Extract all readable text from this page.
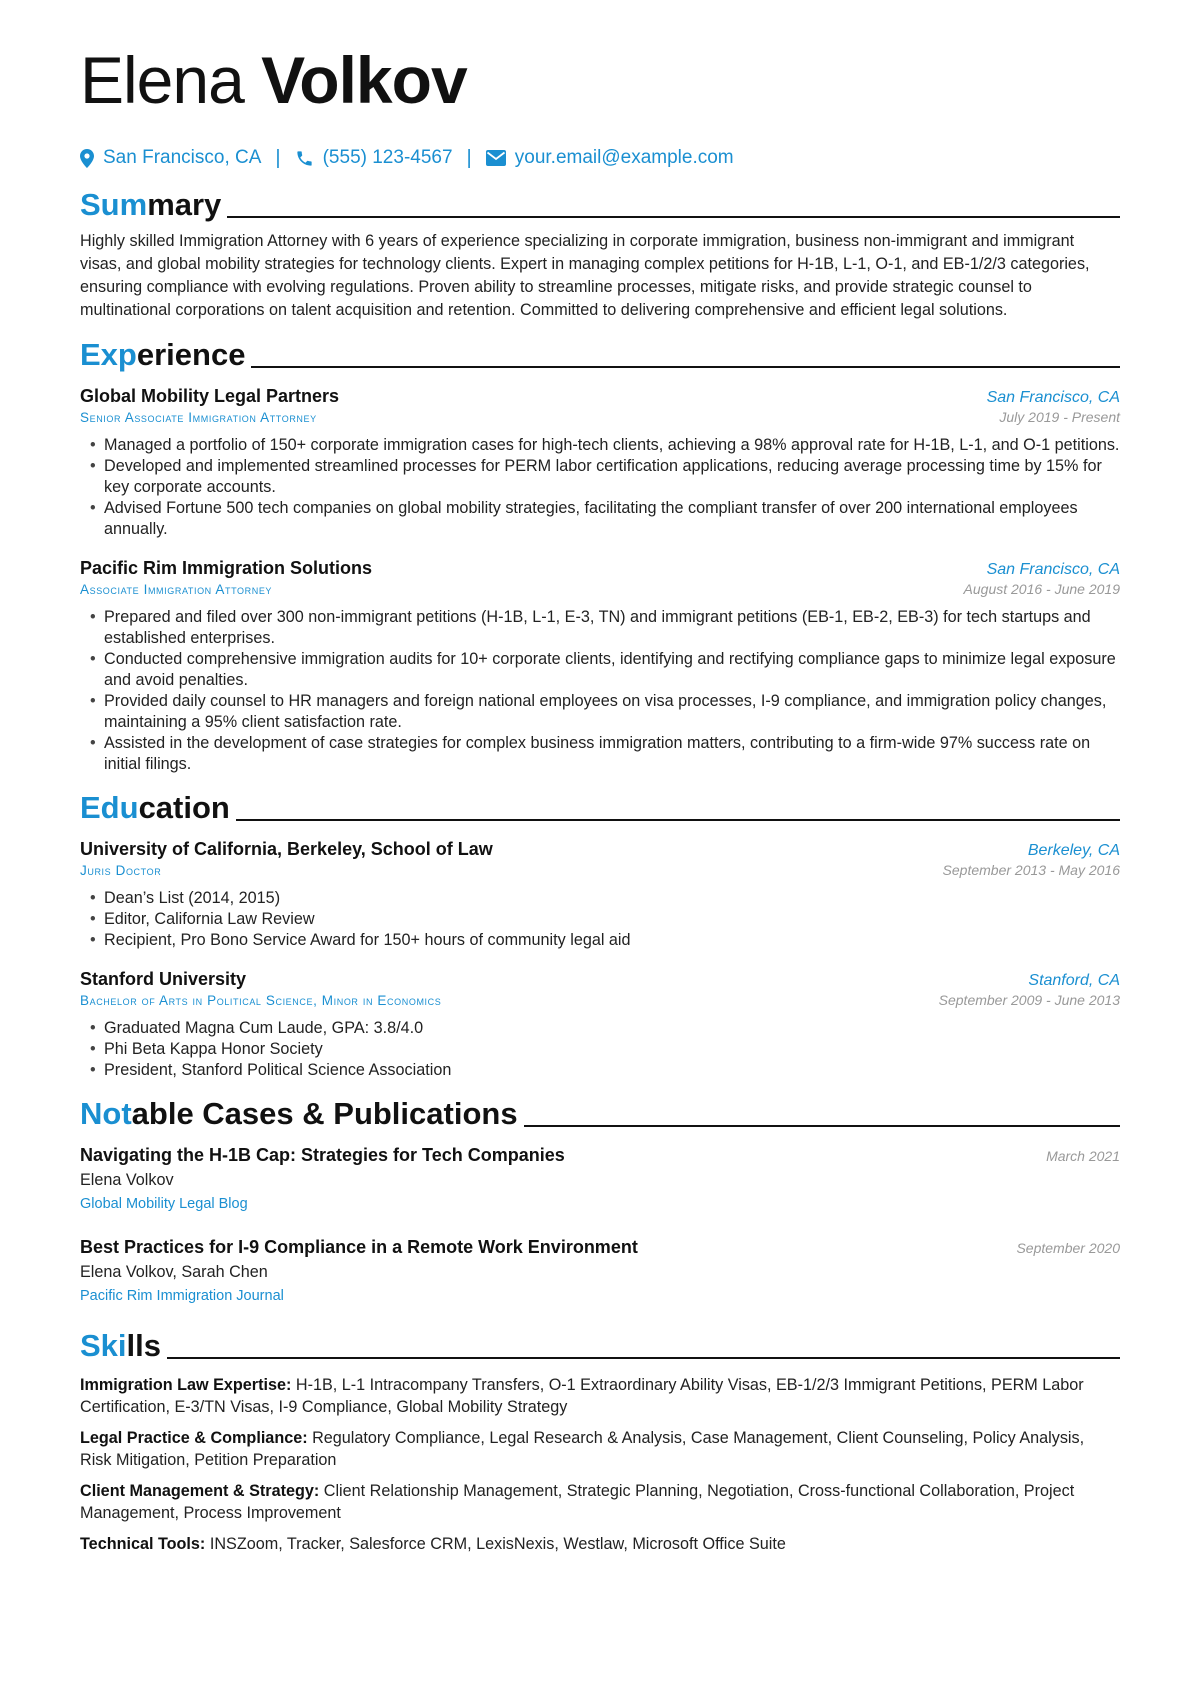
Elena Volkov
San Francisco, CA | (555) 123-4567 | your.email@example.com
Sum mary

Highly skilled Immigration Attorney with 6 years of experience specializing in corporate immigration, business non-immigrant and immigrant visas, and global mobility strategies for technology clients. Expert in managing complex petitions for H-1B, L-1, O-1, and EB-1/2/3 categories, ensuring compliance with evolving regulations. Proven ability to streamline processes, mitigate risks, and provide strategic counsel to multinational corporations on talent acquisition and retention. Committed to delivering comprehensive and efficient legal solutions.

Exp erience
Global Mobility Legal Partners	San Francisco, CA
Senior Associate Immigration Attorney	July 2019 - Present
• Managed a portfolio of 150+ corporate immigration cases for high-tech clients, achieving a 98% approval rate for H-1B, L-1, and O-1 petitions.
• Developed and implemented streamlined processes for PERM labor certification applications, reducing average processing time by 15% for key corporate accounts.
• Advised Fortune 500 tech companies on global mobility strategies, facilitating the compliant transfer of over 200 international employees annually.
Pacific Rim Immigration Solutions	San Francisco, CA
Associate Immigration Attorney	August 2016 - June 2019
• Prepared and filed over 300 non-immigrant petitions (H-1B, L-1, E-3, TN) and immigrant petitions (EB-1, EB-2, EB-3) for tech startups and established enterprises.
• Conducted comprehensive immigration audits for 10+ corporate clients, identifying and rectifying compliance gaps to minimize legal exposure and avoid penalties.
• Provided daily counsel to HR managers and foreign national employees on visa processes, I-9 compliance, and immigration policy changes, maintaining a 95% client satisfaction rate.
• Assisted in the development of case strategies for complex business immigration matters, contributing to a firm-wide 97% success rate on initial filings.
Edu cation
University of California, Berkeley, School of Law	Berkeley, CA
Juris Doctor	September 2013 - May 2016
• Dean’s List (2014, 2015)
• Editor, California Law Review
• Recipient, Pro Bono Service Award for 150+ hours of community legal aid
Stanford University	Stanford, CA
Bachelor of Arts in Political Science, Minor in Economics	September 2009 - June 2013
• Graduated Magna Cum Laude, GPA: 3.8/4.0
• Phi Beta Kappa Honor Society
• President, Stanford Political Science Association
Not able Cases & Publications
Navigating the H-1B Cap: Strategies for Tech Companies	March 2021
Elena Volkov
Global Mobility Legal Blog
Best Practices for I-9 Compliance in a Remote Work Environment	September 2020
Elena Volkov, Sarah Chen
Pacific Rim Immigration Journal
Ski lls

Immigration Law Expertise: H-1B, L-1 Intracompany Transfers, O-1 Extraordinary Ability Visas, EB-1/2/3 Immigrant Petitions, PERM Labor Certification, E-3/TN Visas, I-9 Compliance, Global Mobility Strategy

Legal Practice & Compliance: Regulatory Compliance, Legal Research & Analysis, Case Management, Client Counseling, Policy Analysis, Risk Mitigation, Petition Preparation

Client Management & Strategy: Client Relationship Management, Strategic Planning, Negotiation, Cross-functional Collaboration, Project Management, Process Improvement

Technical Tools: INSZoom, Tracker, Salesforce CRM, LexisNexis, Westlaw, Microsoft Office Suite
